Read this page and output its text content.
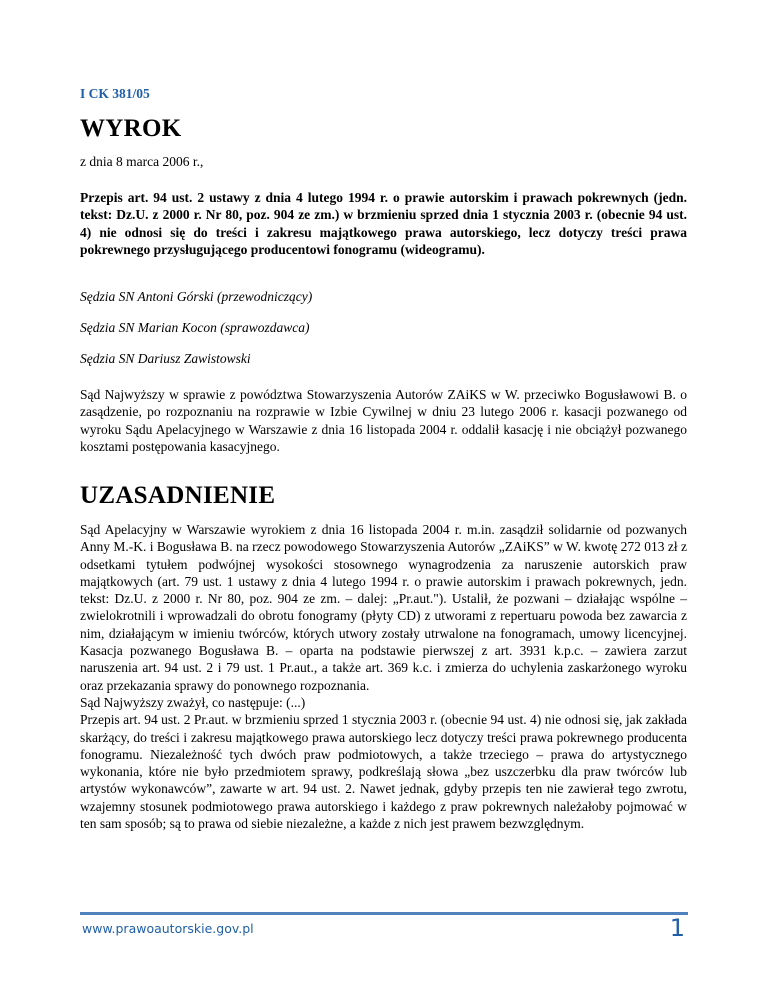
I CK 381/05
WYROK
z dnia 8 marca 2006 r.,

Przepis art. 94 ust. 2 ustawy z dnia 4 lutego 1994 r. o prawie autorskim i prawach pokrewnych (jedn. tekst: Dz.U. z 2000 r. Nr 80, poz. 904 ze zm.) w brzmieniu sprzed dnia 1 stycznia 2003 r. (obecnie 94 ust. 4) nie odnosi się do treści i zakresu majątkowego prawa autorskiego, lecz dotyczy treści prawa pokrewnego przysługującego producentowi fonogramu (wideogramu).

Sędzia SN Antoni Górski (przewodniczący)
Sędzia SN Marian Kocon (sprawozdawca)
Sędzia SN Dariusz Zawistowski

Sąd Najwyższy w sprawie z powództwa Stowarzyszenia Autorów ZAiKS w W. przeciwko Bogusławowi B. o zasądzenie, po rozpoznaniu na rozprawie w Izbie Cywilnej w dniu 23 lutego 2006 r. kasacji pozwanego od wyroku Sądu Apelacyjnego w Warszawie z dnia 16 listopada 2004 r. oddalił kasację i nie obciążył pozwanego kosztami postępowania kasacyjnego.

UZASADNIENIE

Sąd Apelacyjny w Warszawie wyrokiem z dnia 16 listopada 2004 r. m.in. zasądził solidarnie od pozwanych Anny M.-K. i Bogusława B. na rzecz powodowego Stowarzyszenia Autorów „ZAiKS” w W. kwotę 272 013 zł z odsetkami tytułem podwójnej wysokości stosownego wynagrodzenia za naruszenie autorskich praw majątkowych (art. 79 ust. 1 ustawy z dnia 4 lutego 1994 r. o prawie autorskim i prawach pokrewnych, jedn. tekst: Dz.U. z 2000 r. Nr 80, poz. 904 ze zm. – dalej: „Pr.aut."). Ustalił, że pozwani – działając wspólne – zwielokrotnili i wprowadzali do obrotu fonogramy (płyty CD) z utworami z repertuaru powoda bez zawarcia z nim, działającym w imieniu twórców, których utwory zostały utrwalone na fonogramach, umowy licencyjnej. Kasacja pozwanego Bogusława B. – oparta na podstawie pierwszej z art. 3931 k.p.c. – zawiera zarzut naruszenia art. 94 ust. 2 i 79 ust. 1 Pr.aut., a także art. 369 k.c. i zmierza do uchylenia zaskarżonego wyroku oraz przekazania sprawy do ponownego rozpoznania.
Sąd Najwyższy zważył, co następuje: (...)
Przepis art. 94 ust. 2 Pr.aut. w brzmieniu sprzed 1 stycznia 2003 r. (obecnie 94 ust. 4) nie odnosi się, jak zakłada skarżący, do treści i zakresu majątkowego prawa autorskiego lecz dotyczy treści prawa pokrewnego producenta fonogramu. Niezależność tych dwóch praw podmiotowych, a także trzeciego – prawa do artystycznego wykonania, które nie było przedmiotem sprawy, podkreślają słowa „bez uszczerbku dla praw twórców lub artystów wykonawców”, zawarte w art. 94 ust. 2. Nawet jednak, gdyby przepis ten nie zawierał tego zwrotu, wzajemny stosunek podmiotowego prawa autorskiego i każdego z praw pokrewnych należałoby pojmować w ten sam sposób; są to prawa od siebie niezależne, a każde z nich jest prawem bezwzględnym.

www.prawoautorskie.gov.pl	1
